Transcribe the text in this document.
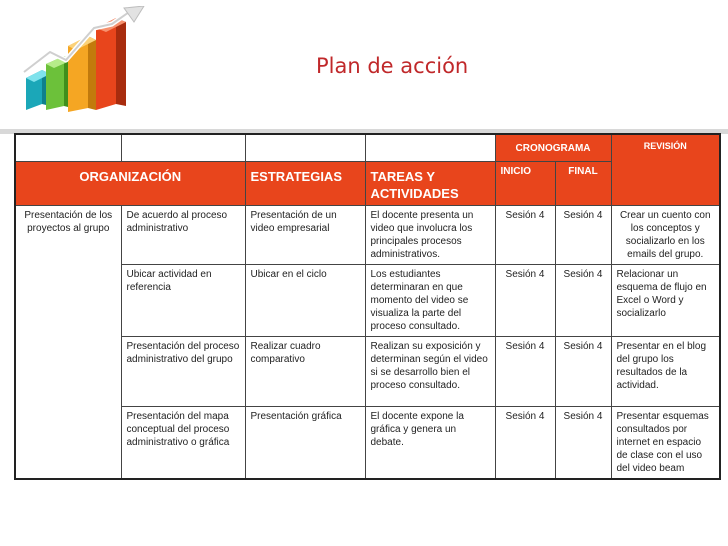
Plan de acción
				CRONOGRAMA		REVISIÓN
ORGANIZACIÓN		ESTRATEGIAS	TAREAS Y ACTIVIDADES	INICIO	FINAL	
Presentación de los proyectos al grupo	De acuerdo al proceso administrativo	Presentación de un video empresarial	El docente presenta un video que involucra los principales procesos administrativos.	Sesión 4	Sesión 4	Crear un cuento con los conceptos y socializarlo en los emails del grupo.
	Ubicar actividad en referencia	Ubicar en el ciclo	Los estudiantes determinaran en que momento del video se visualiza la parte del proceso consultado.	Sesión 4	Sesión 4	Relacionar un esquema de flujo en Excel o Word y socializarlo
	Presentación del proceso administrativo del grupo	Realizar cuadro comparativo	Realizan su exposición y determinan según el video si se desarrollo bien el proceso consultado.	Sesión 4	Sesión 4	Presentar en el blog del grupo los resultados de la actividad.
	Presentación del mapa conceptual del proceso administrativo o gráfica	Presentación gráfica	El docente expone la gráfica y genera un debate.	Sesión 4	Sesión 4	Presentar esquemas consultados por internet en espacio de clase con el uso del video beam
